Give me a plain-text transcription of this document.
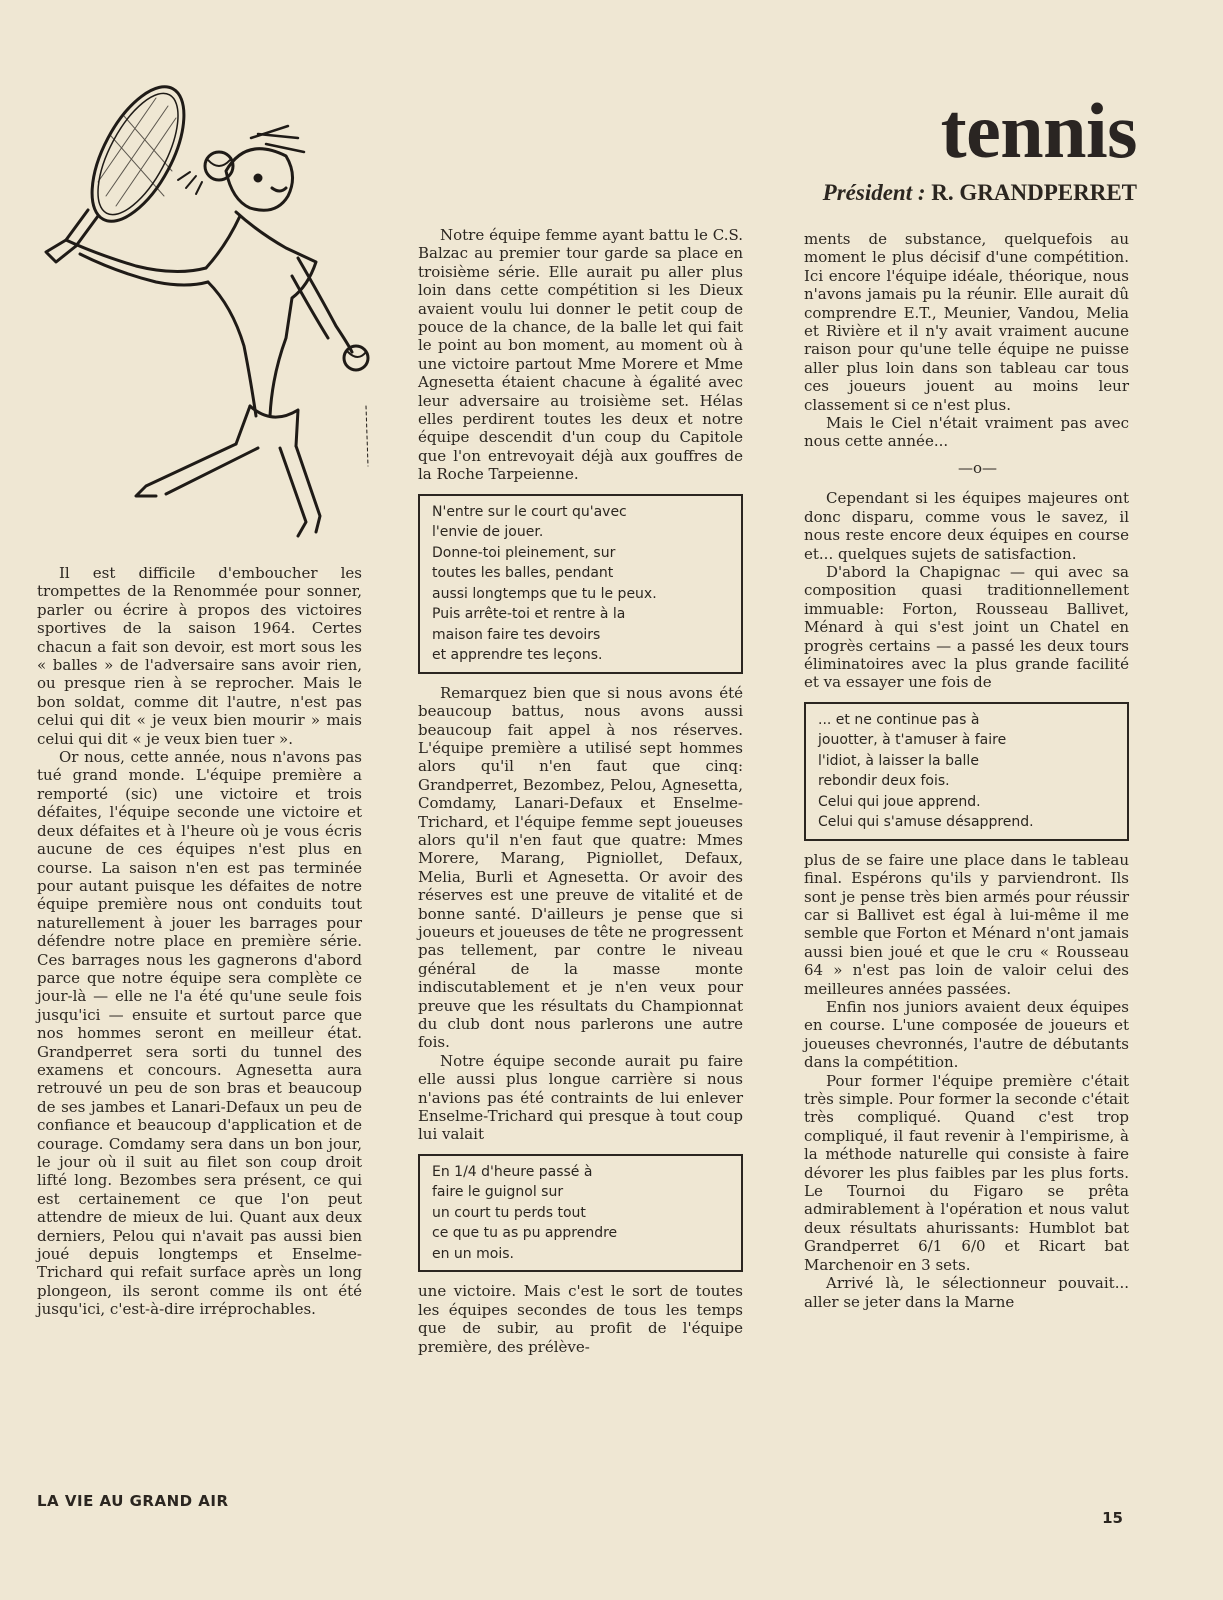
tennis
Président : R. GRANDPERRET

Il est difficile d'emboucher les trompettes de la Renommée pour sonner, parler ou écrire à propos des victoires sportives de la saison 1964. Certes chacun a fait son devoir, est mort sous les « balles » de l'adversaire sans avoir rien, ou presque rien à se reprocher. Mais le bon soldat, comme dit l'autre, n'est pas celui qui dit « je veux bien mourir » mais celui qui dit « je veux bien tuer ».

Or nous, cette année, nous n'avons pas tué grand monde. L'équipe première a remporté (sic) une victoire et trois défaites, l'équipe seconde une victoire et deux défaites et à l'heure où je vous écris aucune de ces équipes n'est plus en course. La saison n'en est pas terminée pour autant puisque les défaites de notre équipe première nous ont conduits tout naturellement à jouer les barrages pour défendre notre place en première série. Ces barrages nous les gagnerons d'abord parce que notre équipe sera complète ce jour-là — elle ne l'a été qu'une seule fois jusqu'ici — ensuite et surtout parce que nos hommes seront en meilleur état. Grandperret sera sorti du tunnel des examens et concours. Agnesetta aura retrouvé un peu de son bras et beaucoup de ses jambes et Lanari-Defaux un peu de confiance et beaucoup d'application et de courage. Comdamy sera dans un bon jour, le jour où il suit au filet son coup droit lifté long. Bezombes sera présent, ce qui est certainement ce que l'on peut attendre de mieux de lui. Quant aux deux derniers, Pelou qui n'avait pas aussi bien joué depuis longtemps et Enselme-Trichard qui refait surface après un long plongeon, ils seront comme ils ont été jusqu'ici, c'est-à-dire irréprochables.

Notre équipe femme ayant battu le C.S. Balzac au premier tour garde sa place en troisième série. Elle aurait pu aller plus loin dans cette compétition si les Dieux avaient voulu lui donner le petit coup de pouce de la chance, de la balle let qui fait le point au bon moment, au moment où à une victoire partout Mme Morere et Mme Agnesetta étaient chacune à égalité avec leur adversaire au troisième set. Hélas elles perdirent toutes les deux et notre équipe descendit d'un coup du Capitole que l'on entrevoyait déjà aux gouffres de la Roche Tarpeienne.

N'entre sur le court qu'avec
l'envie de jouer.
Donne-toi pleinement, sur
toutes les balles, pendant
aussi longtemps que tu le peux.
Puis arrête-toi et rentre à la
maison faire tes devoirs
et apprendre tes leçons.

Remarquez bien que si nous avons été beaucoup battus, nous avons aussi beaucoup fait appel à nos réserves. L'équipe première a utilisé sept hommes alors qu'il n'en faut que cinq: Grandperret, Bezombez, Pelou, Agnesetta, Comdamy, Lanari-Defaux et Enselme-Trichard, et l'équipe femme sept joueuses alors qu'il n'en faut que quatre: Mmes Morere, Marang, Pigniollet, Defaux, Melia, Burli et Agnesetta. Or avoir des réserves est une preuve de vitalité et de bonne santé. D'ailleurs je pense que si joueurs et joueuses de tête ne progressent pas tellement, par contre le niveau général de la masse monte indiscutablement et je n'en veux pour preuve que les résultats du Championnat du club dont nous parlerons une autre fois.

Notre équipe seconde aurait pu faire elle aussi plus longue carrière si nous n'avions pas été contraints de lui enlever Enselme-Trichard qui presque à tout coup lui valait

En 1/4 d'heure passé à
faire le guignol sur
un court tu perds tout
ce que tu as pu apprendre
en un mois.

une victoire. Mais c'est le sort de toutes les équipes secondes de tous les temps que de subir, au profit de l'équipe première, des prélève-

ments de substance, quelquefois au moment le plus décisif d'une compétition. Ici encore l'équipe idéale, théorique, nous n'avons jamais pu la réunir. Elle aurait dû comprendre E.T., Meunier, Vandou, Melia et Rivière et il n'y avait vraiment aucune raison pour qu'une telle équipe ne puisse aller plus loin dans son tableau car tous ces joueurs jouent au moins leur classement si ce n'est plus.

Mais le Ciel n'était vraiment pas avec nous cette année...

—o—

Cependant si les équipes majeures ont donc disparu, comme vous le savez, il nous reste encore deux équipes en course et... quelques sujets de satisfaction.

D'abord la Chapignac — qui avec sa composition quasi traditionnellement immuable: Forton, Rousseau Ballivet, Ménard à qui s'est joint un Chatel en progrès certains — a passé les deux tours éliminatoires avec la plus grande facilité et va essayer une fois de

... et ne continue pas à
jouotter, à t'amuser à faire
l'idiot, à laisser la balle
rebondir deux fois.
Celui qui joue apprend.
Celui qui s'amuse désapprend.

plus de se faire une place dans le tableau final. Espérons qu'ils y parviendront. Ils sont je pense très bien armés pour réussir car si Ballivet est égal à lui-même il me semble que Forton et Ménard n'ont jamais aussi bien joué et que le cru « Rousseau 64 » n'est pas loin de valoir celui des meilleures années passées.

Enfin nos juniors avaient deux équipes en course. L'une composée de joueurs et joueuses chevronnés, l'autre de débutants dans la compétition.

Pour former l'équipe première c'était très simple. Pour former la seconde c'était très compliqué. Quand c'est trop compliqué, il faut revenir à l'empirisme, à la méthode naturelle qui consiste à faire dévorer les plus faibles par les plus forts. Le Tournoi du Figaro se prêta admirablement à l'opération et nous valut deux résultats ahurissants: Humblot bat Grandperret 6/1 6/0 et Ricart bat Marchenoir en 3 sets.

Arrivé là, le sélectionneur pouvait... aller se jeter dans la Marne

LA VIE AU GRAND AIR
15
